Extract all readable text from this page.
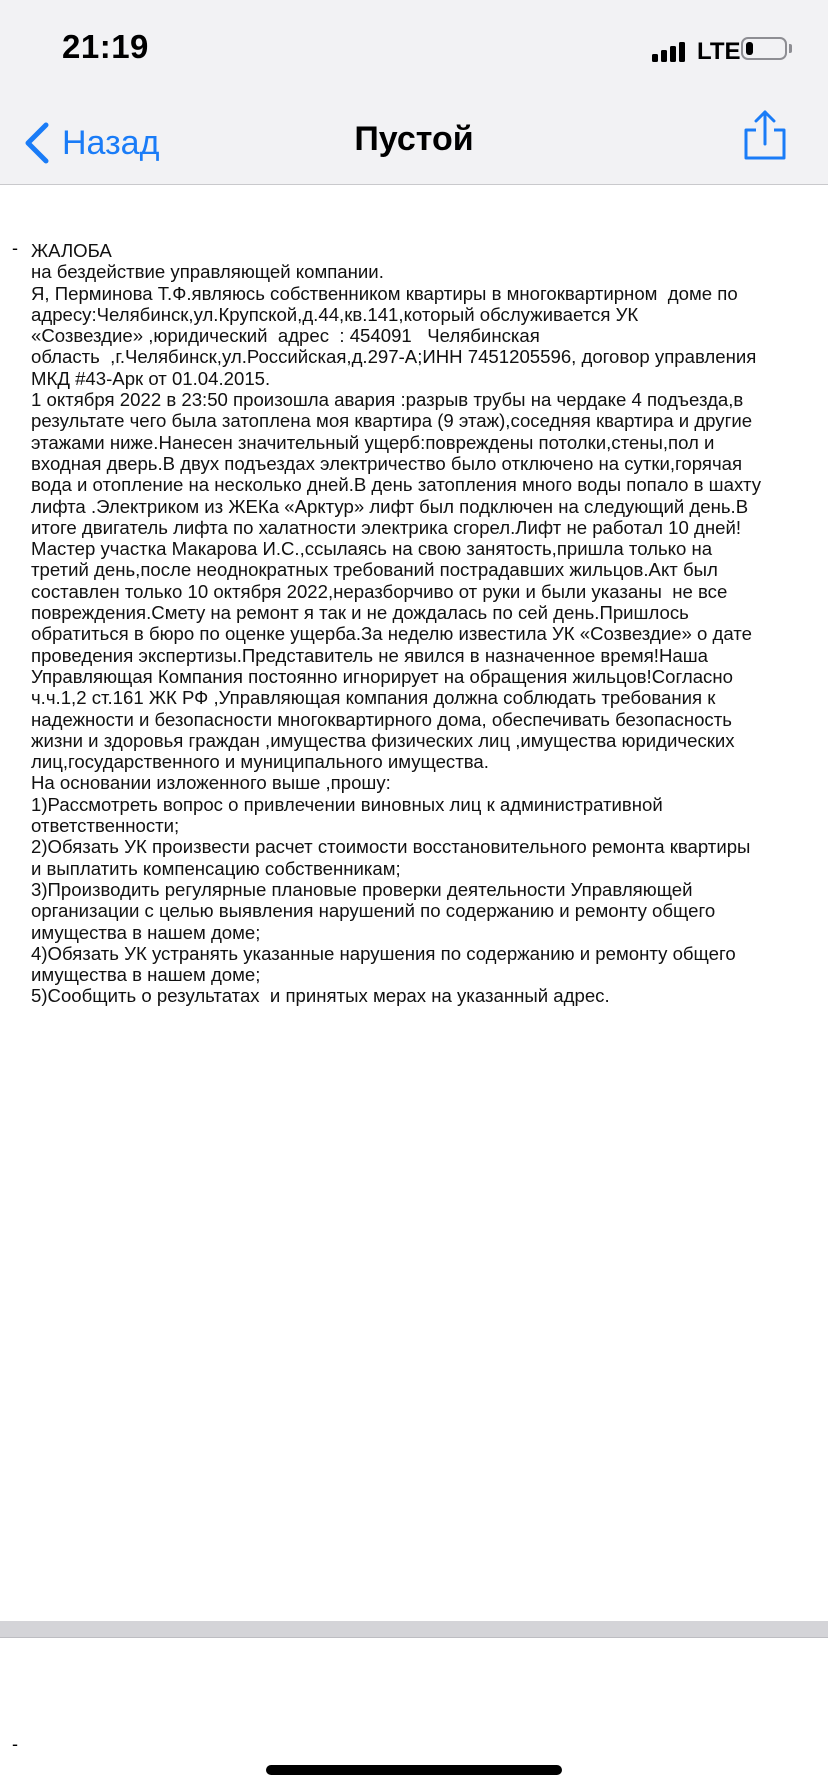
21:19	LTE
Назад	Пустой
- ЖАЛОБА
на бездействие управляющей компании.
Я, Перминова Т.Ф.являюсь собственником квартиры в многоквартирном  доме по
адресу:Челябинск,ул.Крупской,д.44,кв.141,который обслуживается УК
«Созвездие» ,юридический  адрес  : 454091   Челябинская
область  ,г.Челябинск,ул.Российская,д.297-А;ИНН 7451205596, договор управления
МКД #43-Арк от 01.04.2015.
1 октября 2022 в 23:50 произошла авария :разрыв трубы на чердаке 4 подъезда,в
результате чего была затоплена моя квартира (9 этаж),соседняя квартира и другие
этажами ниже.Нанесен значительный ущерб:повреждены потолки,стены,пол и
входная дверь.В двух подъездах электричество было отключено на сутки,горячая
вода и отопление на несколько дней.В день затопления много воды попало в шахту
лифта .Электриком из ЖЕКа «Арктур» лифт был подключен на следующий день.В
итоге двигатель лифта по халатности электрика сгорел.Лифт не работал 10 дней!
Мастер участка Макарова И.С.,ссылаясь на свою занятость,пришла только на
третий день,после неоднократных требований пострадавших жильцов.Акт был
составлен только 10 октября 2022,неразборчиво от руки и были указаны  не все
повреждения.Смету на ремонт я так и не дождалась по сей день.Пришлось
обратиться в бюро по оценке ущерба.За неделю известила УК «Созвездие» о дате
проведения экспертизы.Представитель не явился в назначенное время!Наша
Управляющая Компания постоянно игнорирует на обращения жильцов!Согласно
ч.ч.1,2 ст.161 ЖК РФ ,Управляющая компания должна соблюдать требования к
надежности и безопасности многоквартирного дома, обеспечивать безопасность
жизни и здоровья граждан ,имущества физических лиц ,имущества юридических
лиц,государственного и муниципального имущества.
На основании изложенного выше ,прошу:
1)Рассмотреть вопрос о привлечении виновных лиц к административной
ответственности;
2)Обязать УК произвести расчет стоимости восстановительного ремонта квартиры
и выплатить компенсацию собственникам;
3)Производить регулярные плановые проверки деятельности Управляющей
организации с целью выявления нарушений по содержанию и ремонту общего
имущества в нашем доме;
4)Обязать УК устранять указанные нарушения по содержанию и ремонту общего
имущества в нашем доме;
5)Сообщить о результатах  и принятых мерах на указанный адрес.
-
